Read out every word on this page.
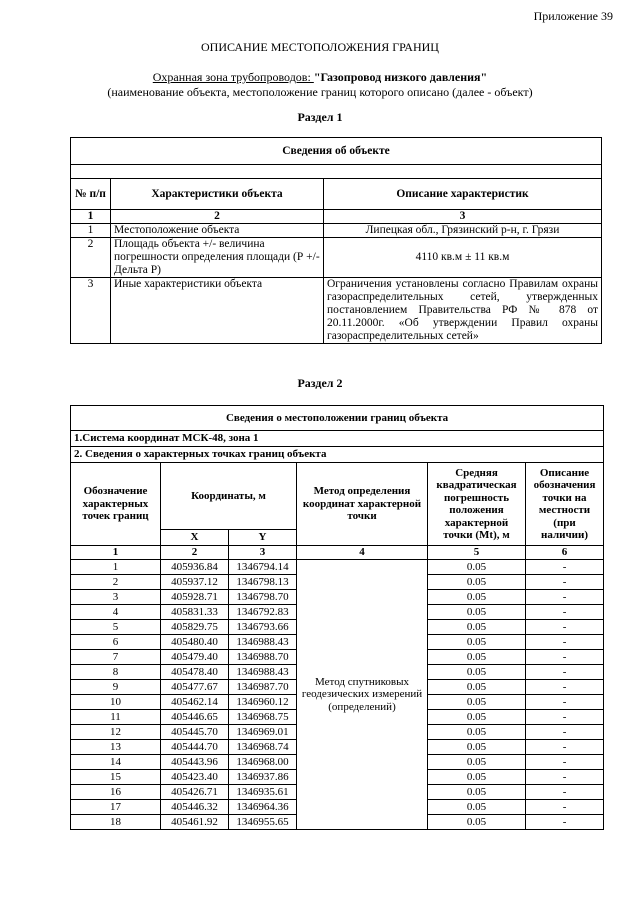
Приложение 39
ОПИСАНИЕ МЕСТОПОЛОЖЕНИЯ ГРАНИЦ
Охранная зона трубопроводов: "Газопровод низкого давления"
(наименование объекта, местоположение границ которого описано (далее - объект)
Раздел 1
Сведения об объекте		

№ п/п	Характеристики объекта	Описание характеристик
1	2	3
1	Местоположение объекта	Липецкая обл., Грязинский р-н, г. Грязи
2	Площадь объекта +/- величина погрешности определения площади (Р +/- Дельта Р)	4110 кв.м ± 11 кв.м
3	Иные характеристики объекта	Ограничения установлены согласно Правилам охраны газораспределительных сетей, утвержденных постановлением Правительства РФ № 878 от 20.11.2000г. «Об утверждении Правил охраны газораспределительных сетей»
Раздел 2
Сведения о местоположении границ объекта					
1.Система координат МСК-48, зона 1					
2. Сведения о характерных точках границ объекта					
Обозначение характерных точек границ	Координаты, м		Метод определения координат характерной точки	Средняя квадратическая погрешность положения характерной точки (Mt), м	Описание обозначения точки на местности (при наличии)
	X	Y			
1	2	3	4	5	6
1	405936.84	1346794.14	Метод спутниковых геодезических измерений (определений)	0.05	-
2	405937.12	1346798.13		0.05	-
3	405928.71	1346798.70		0.05	-
4	405831.33	1346792.83		0.05	-
5	405829.75	1346793.66		0.05	-
6	405480.40	1346988.43		0.05	-
7	405479.40	1346988.70		0.05	-
8	405478.40	1346988.43		0.05	-
9	405477.67	1346987.70		0.05	-
10	405462.14	1346960.12		0.05	-
11	405446.65	1346968.75		0.05	-
12	405445.70	1346969.01		0.05	-
13	405444.70	1346968.74		0.05	-
14	405443.96	1346968.00		0.05	-
15	405423.40	1346937.86		0.05	-
16	405426.71	1346935.61		0.05	-
17	405446.32	1346964.36		0.05	-
18	405461.92	1346955.65		0.05	-
